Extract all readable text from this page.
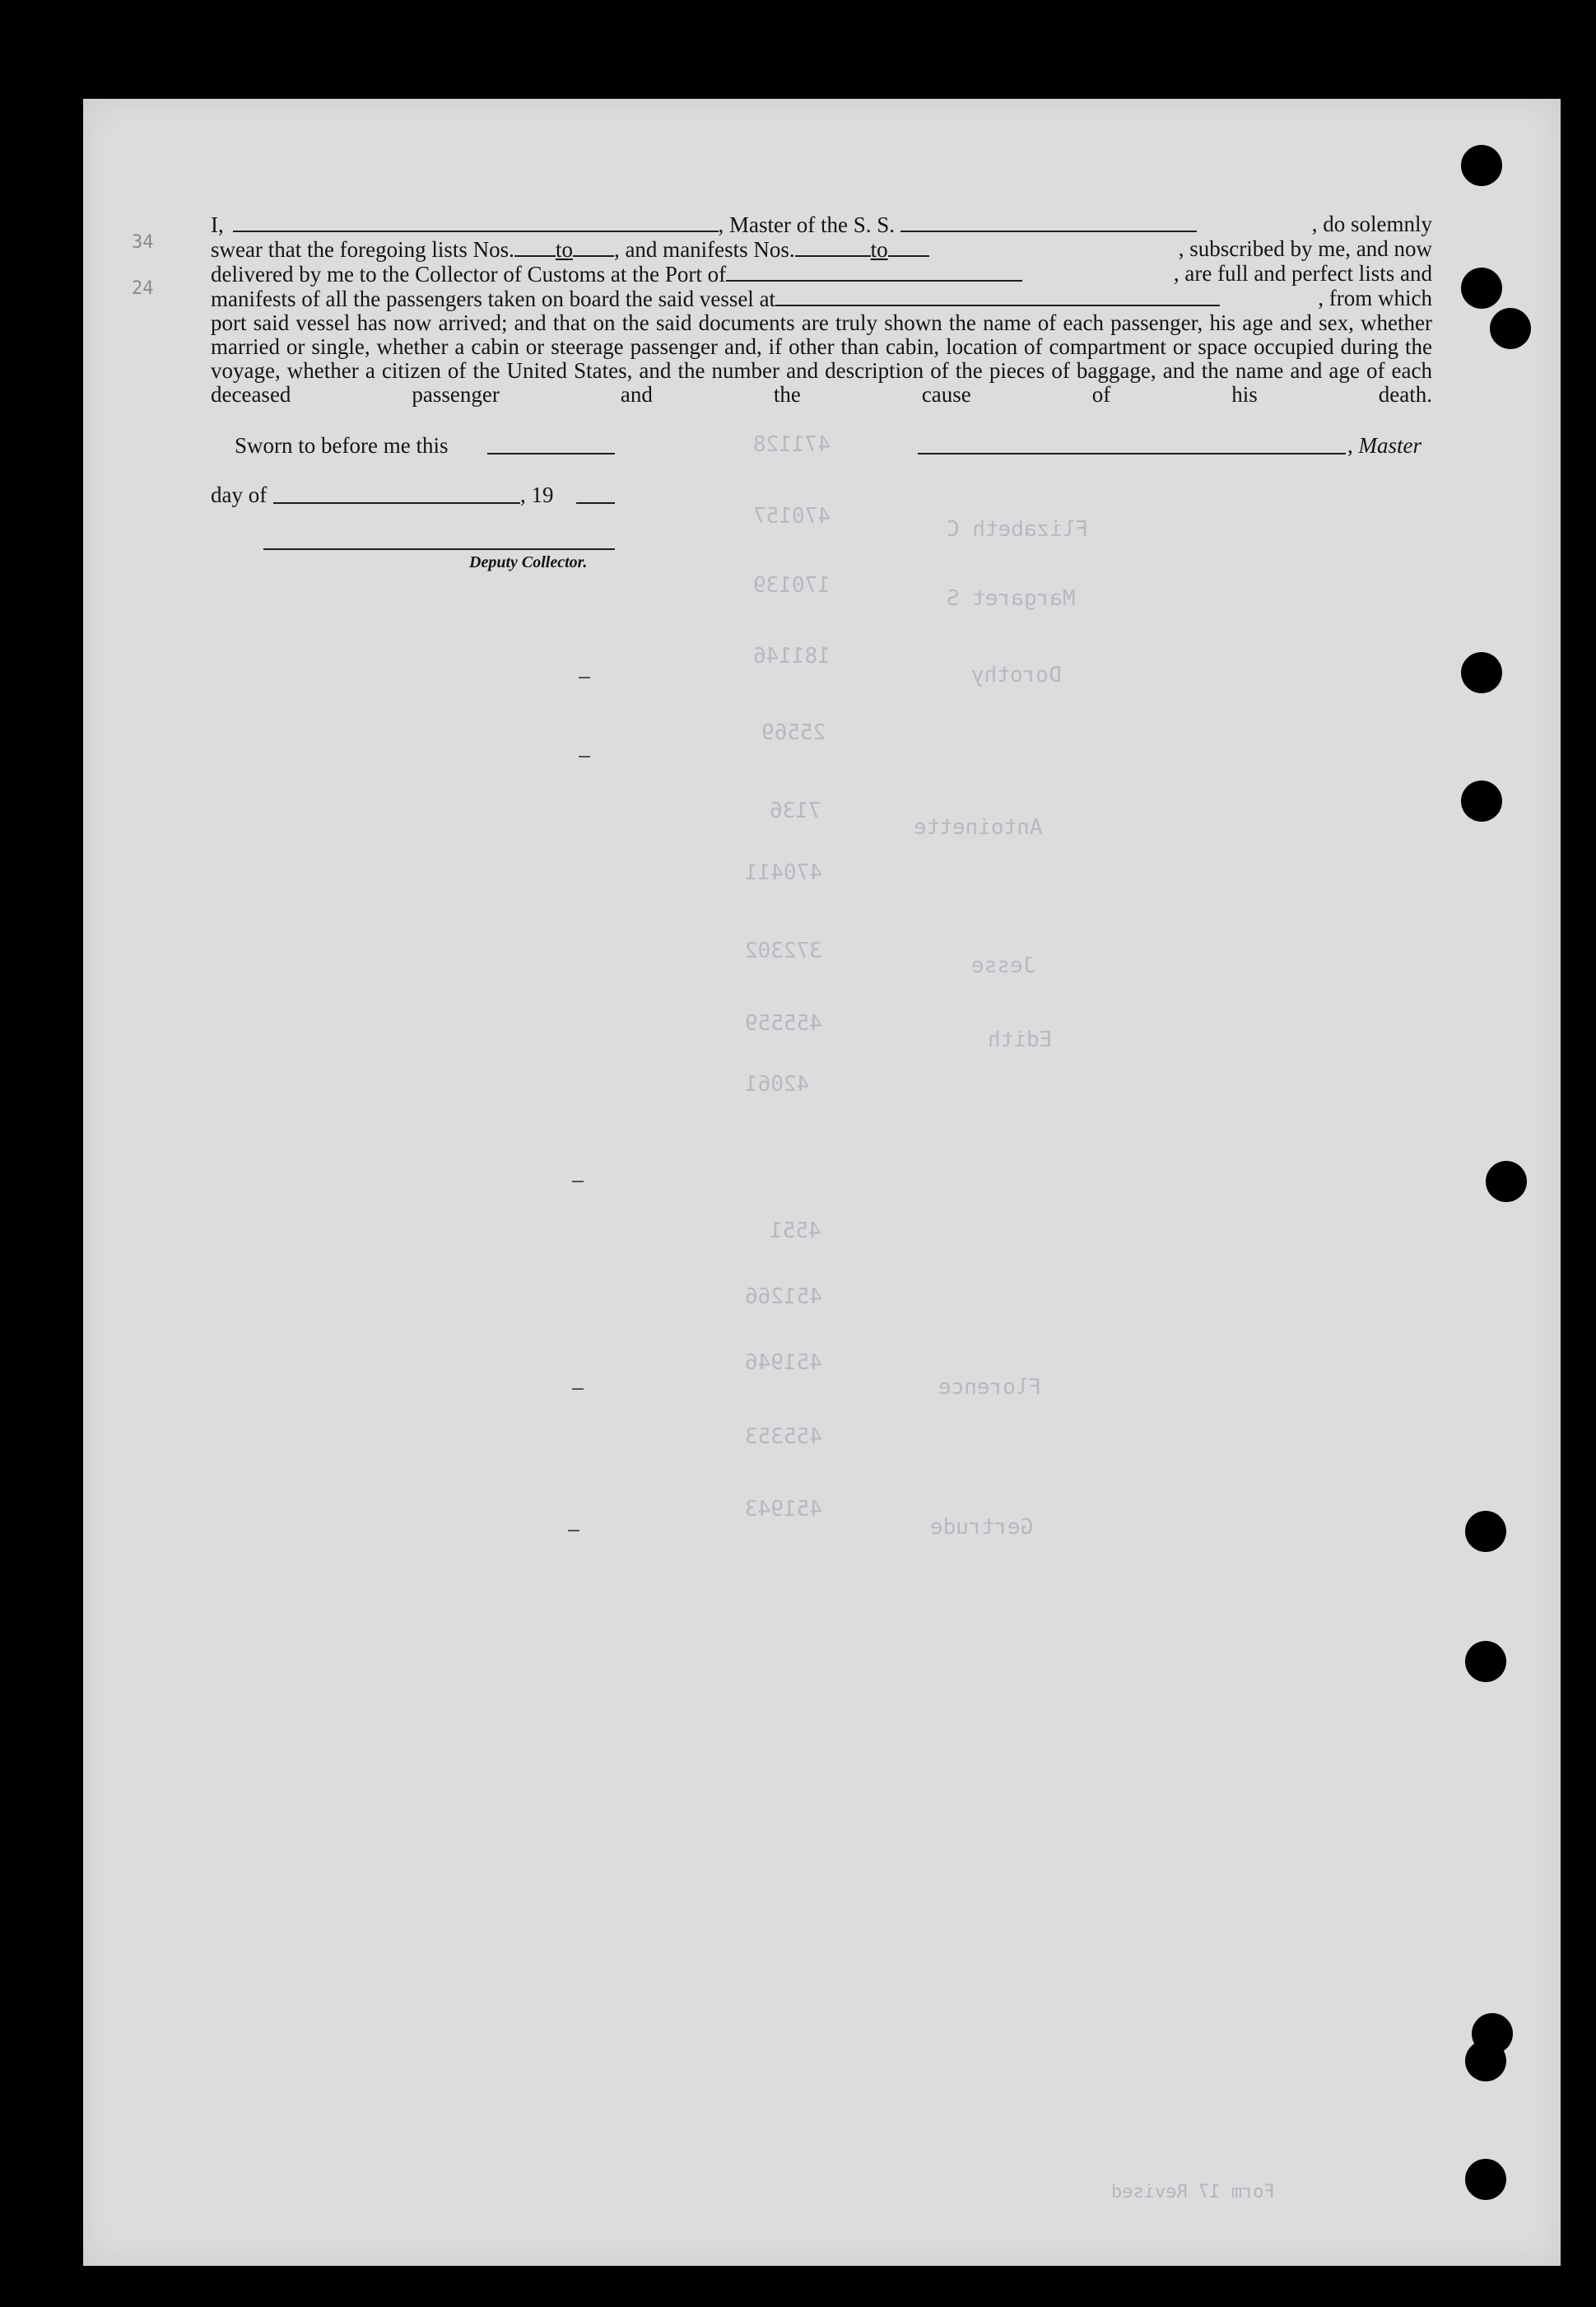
34
24
I,	, Master of the S. S.	, do solemnly
swear that the foregoing lists Nos. to , and manifests Nos.	to	, subscribed by me, and now
delivered by me to the Collector of Customs at the Port of	, are full and perfect lists and
manifests of all the passengers taken on board the said vessel at	, from which
port said vessel has now arrived; and that on the said documents are truly shown the name of each passenger, his age and sex, whether married or single, whether a cabin or steerage passenger and, if other than cabin, location of compartment or space occupied during the voyage, whether a citizen of the United States, and the number and description of the pieces of baggage, and the name and age of each deceased passenger and the cause of his death.
Sworn to before me this	, Master
day of	, 19
Deputy Collector.
471128
470157
170139
181146
25569
7136
470411
372302
455559
42061
4551
451266
451946
455353
451943
Flizabeth C
Margaret S
Dorothy
Antoinette
Jesse
Edith
Florence
Gertrude
Form 17 Revised
